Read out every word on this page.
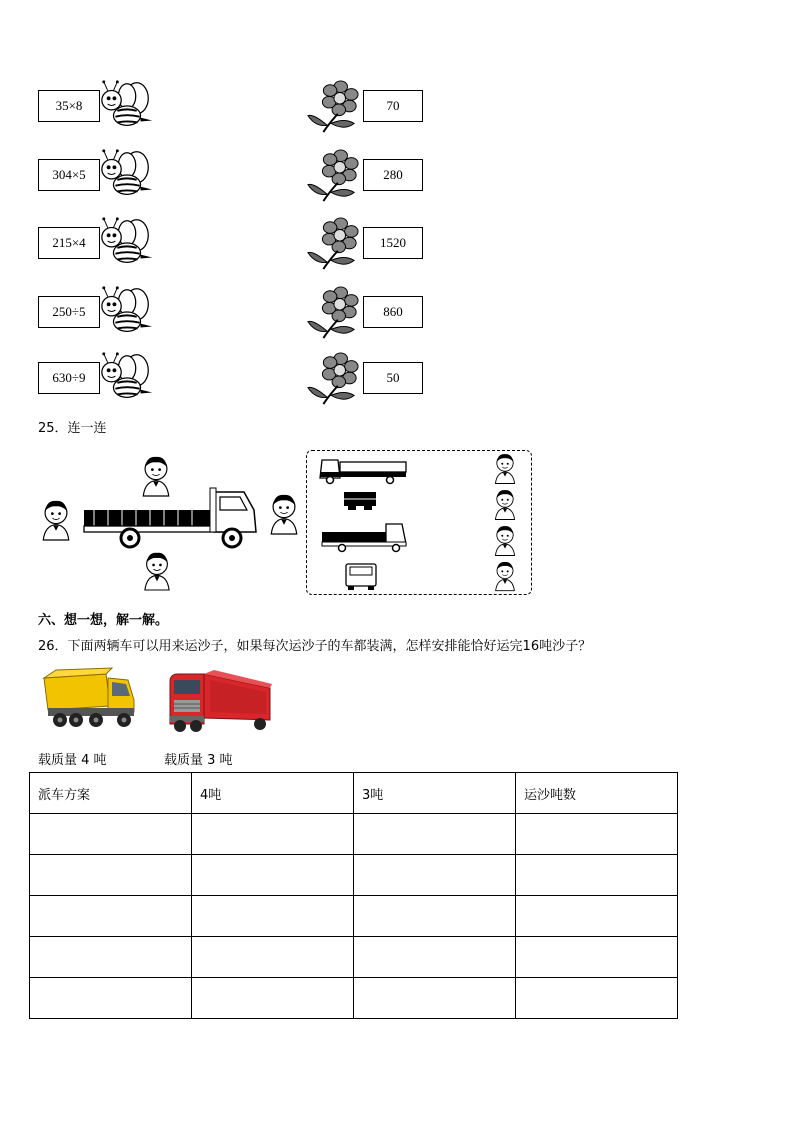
35×8	70
304×5	280
215×4	1520
250÷5	860
630÷9	50
25．连一连
六、想一想，解一解。
26．下面两辆车可以用来运沙子，如果每次运沙子的车都装满，怎样安排能恰好运完16吨沙子？
载质量 4 吨	载质量 3 吨
派车方案	4吨	3吨	运沙吨数
